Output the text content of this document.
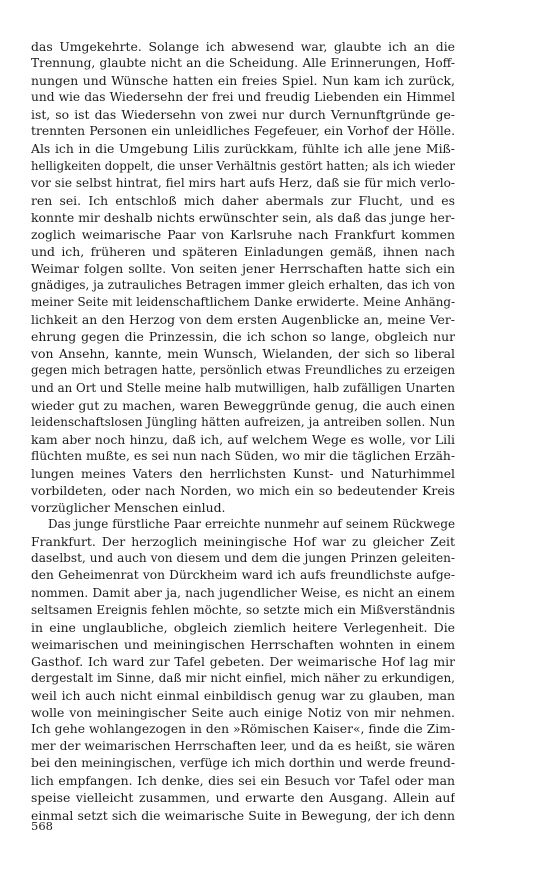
das Umgekehrte. Solange ich abwesend war, glaubte ich an die
Trennung, glaubte nicht an die Scheidung. Alle Erinnerungen, Hoff-
nungen und Wünsche hatten ein freies Spiel. Nun kam ich zurück,
und wie das Wiedersehn der frei und freudig Liebenden ein Himmel
ist, so ist das Wiedersehn von zwei nur durch Vernunftgründe ge-
trennten Personen ein unleidliches Fegefeuer, ein Vorhof der Hölle.
Als ich in die Umgebung Lilis zurückkam, fühlte ich alle jene Miß-
helligkeiten doppelt, die unser Verhältnis gestört hatten; als ich wieder
vor sie selbst hintrat, fiel mirs hart aufs Herz, daß sie für mich verlo-
ren sei. Ich entschloß mich daher abermals zur Flucht, und es
konnte mir deshalb nichts erwünschter sein, als daß das junge her-
zoglich weimarische Paar von Karlsruhe nach Frankfurt kommen
und ich, früheren und späteren Einladungen gemäß, ihnen nach
Weimar folgen sollte. Von seiten jener Herrschaften hatte sich ein
gnädiges, ja zutrauliches Betragen immer gleich erhalten, das ich von
meiner Seite mit leidenschaftlichem Danke erwiderte. Meine Anhäng-
lichkeit an den Herzog von dem ersten Augenblicke an, meine Ver-
ehrung gegen die Prinzessin, die ich schon so lange, obgleich nur
von Ansehn, kannte, mein Wunsch, Wielanden, der sich so liberal
gegen mich betragen hatte, persönlich etwas Freundliches zu erzeigen
und an Ort und Stelle meine halb mutwilligen, halb zufälligen Unarten
wieder gut zu machen, waren Beweggründe genug, die auch einen
leidenschaftslosen Jüngling hätten aufreizen, ja antreiben sollen. Nun
kam aber noch hinzu, daß ich, auf welchem Wege es wolle, vor Lili
flüchten mußte, es sei nun nach Süden, wo mir die täglichen Erzäh-
lungen meines Vaters den herrlichsten Kunst- und Naturhimmel
vorbildeten, oder nach Norden, wo mich ein so bedeutender Kreis
vorzüglicher Menschen einlud.
Das junge fürstliche Paar erreichte nunmehr auf seinem Rückwege
Frankfurt. Der herzoglich meiningische Hof war zu gleicher Zeit
daselbst, und auch von diesem und dem die jungen Prinzen geleiten-
den Geheimenrat von Dürckheim ward ich aufs freundlichste aufge-
nommen. Damit aber ja, nach jugendlicher Weise, es nicht an einem
seltsamen Ereignis fehlen möchte, so setzte mich ein Mißverständnis
in eine unglaubliche, obgleich ziemlich heitere Verlegenheit. Die
weimarischen und meiningischen Herrschaften wohnten in einem
Gasthof. Ich ward zur Tafel gebeten. Der weimarische Hof lag mir
dergestalt im Sinne, daß mir nicht einfiel, mich näher zu erkundigen,
weil ich auch nicht einmal einbildisch genug war zu glauben, man
wolle von meiningischer Seite auch einige Notiz von mir nehmen.
Ich gehe wohlangezogen in den »Römischen Kaiser«, finde die Zim-
mer der weimarischen Herrschaften leer, und da es heißt, sie wären
bei den meiningischen, verfüge ich mich dorthin und werde freund-
lich empfangen. Ich denke, dies sei ein Besuch vor Tafel oder man
speise vielleicht zusammen, und erwarte den Ausgang. Allein auf
einmal setzt sich die weimarische Suite in Bewegung, der ich denn
568
